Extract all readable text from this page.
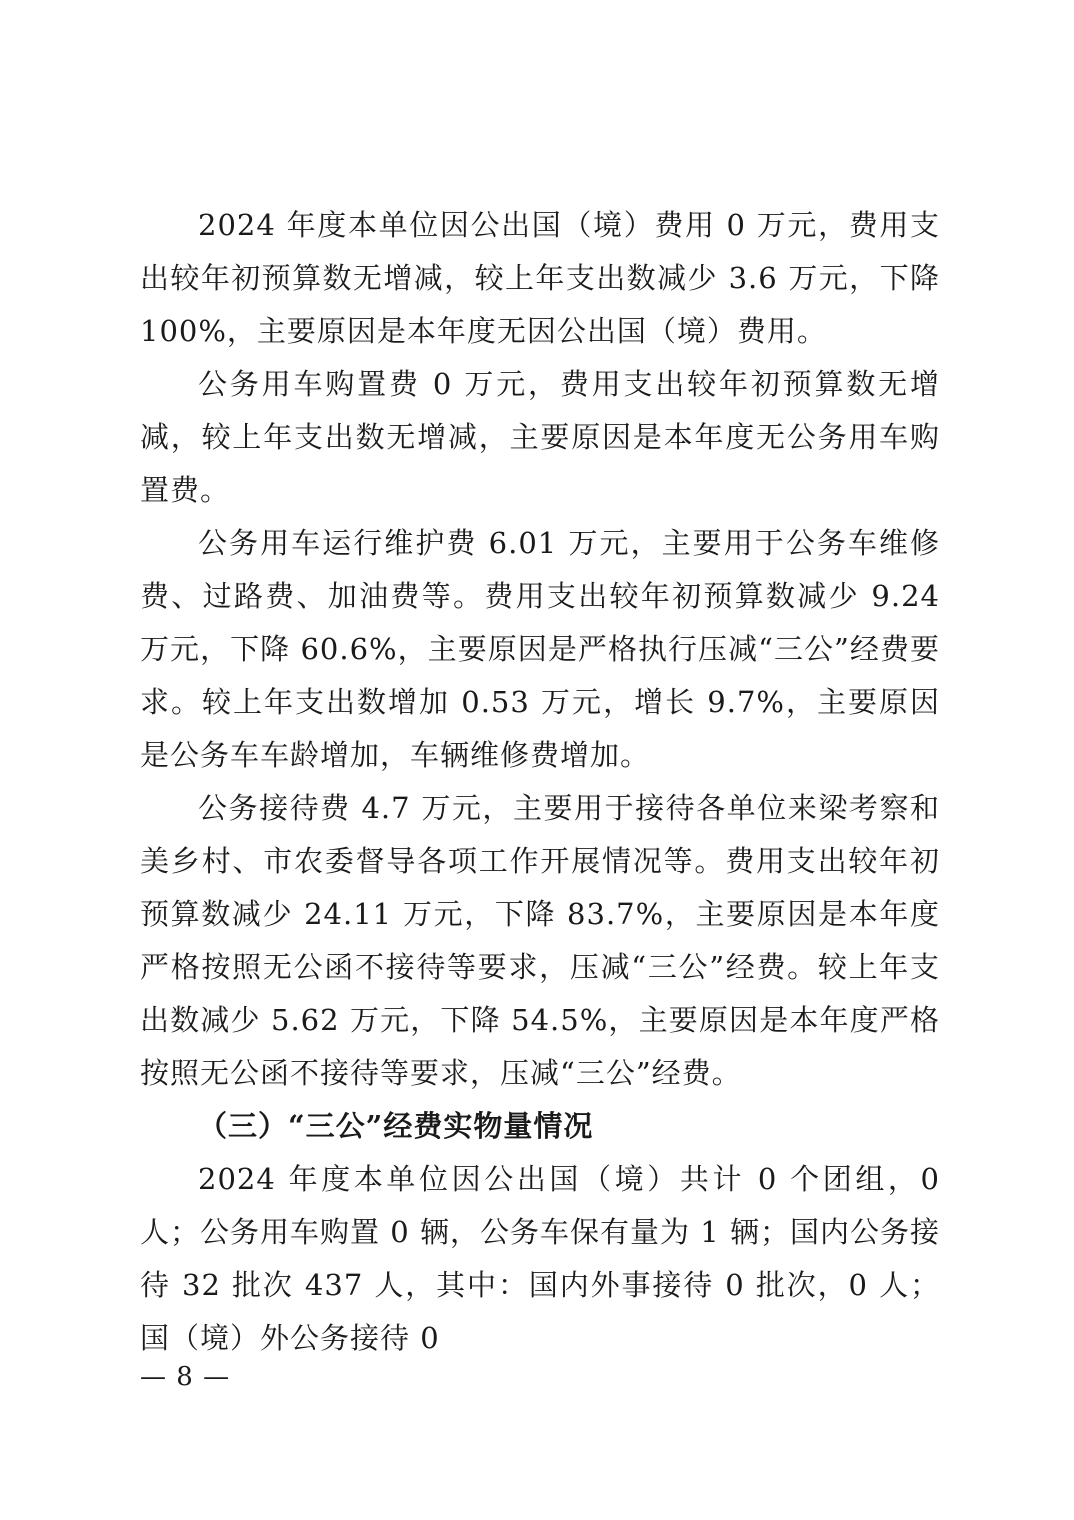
2024 年度本单位因公出国（境）费用 0 万元，费用支出较年初预算数无增减，较上年支出数减少 3.6 万元，下降 100%，主要原因是本年度无因公出国（境）费用。

公务用车购置费 0 万元，费用支出较年初预算数无增减，较上年支出数无增减，主要原因是本年度无公务用车购置费。

公务用车运行维护费 6.01 万元，主要用于公务车维修费、过路费、加油费等。费用支出较年初预算数减少 9.24 万元，下降 60.6%，主要原因是严格执行压减“三公”经费要求。较上年支出数增加 0.53 万元，增长 9.7%，主要原因是公务车车龄增加，车辆维修费增加。

公务接待费 4.7 万元，主要用于接待各单位来梁考察和美乡村、市农委督导各项工作开展情况等。费用支出较年初预算数减少 24.11 万元，下降 83.7%，主要原因是本年度严格按照无公函不接待等要求，压减“三公”经费。较上年支出数减少 5.62 万元，下降 54.5%，主要原因是本年度严格按照无公函不接待等要求，压减“三公”经费。

（三）“三公”经费实物量情况

2024 年度本单位因公出国（境）共计 0 个团组，0 人；公务用车购置 0 辆，公务车保有量为 1 辆；国内公务接待 32 批次 437 人，其中：国内外事接待 0 批次，0 人；国（境）外公务接待 0

— 8 —
